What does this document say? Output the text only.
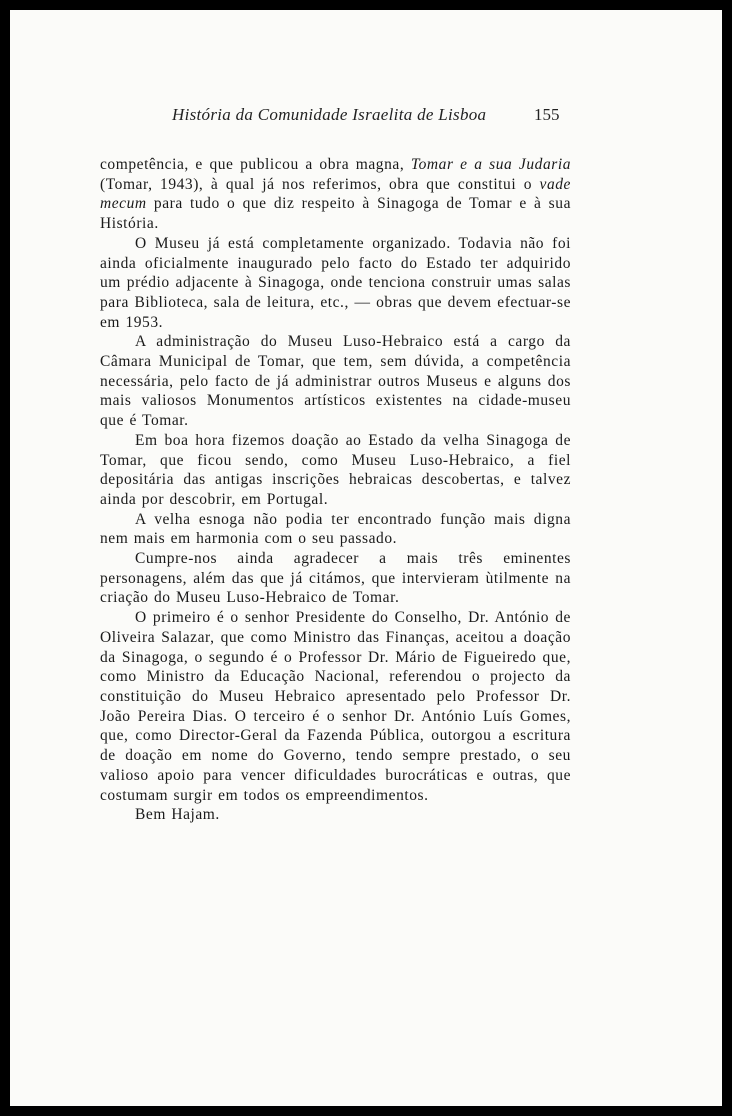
História da Comunidade Israelita de Lisboa	155

competência, e que publicou a obra magna, Tomar e a sua Judaria (Tomar, 1943), à qual já nos referimos, obra que constitui o vade mecum para tudo o que diz respeito à Sinagoga de Tomar e à sua História.

O Museu já está completamente organizado. Todavia não foi ainda oficialmente inaugurado pelo facto do Estado ter adquirido um prédio adjacente à Sinagoga, onde tenciona construir umas salas para Biblioteca, sala de leitura, etc., — obras que devem efectuar-se em 1953.

A administração do Museu Luso-Hebraico está a cargo da Câmara Municipal de Tomar, que tem, sem dúvida, a competência necessária, pelo facto de já administrar outros Museus e alguns dos mais valiosos Monumentos artísticos existentes na cidade-museu que é Tomar.

Em boa hora fizemos doação ao Estado da velha Sinagoga de Tomar, que ficou sendo, como Museu Luso-Hebraico, a fiel depositária das antigas inscrições hebraicas descobertas, e talvez ainda por descobrir, em Portugal.

A velha esnoga não podia ter encontrado função mais digna nem mais em harmonia com o seu passado.

Cumpre-nos ainda agradecer a mais três eminentes personagens, além das que já citámos, que intervieram ùtilmente na criação do Museu Luso-Hebraico de Tomar.

O primeiro é o senhor Presidente do Conselho, Dr. António de Oliveira Salazar, que como Ministro das Finanças, aceitou a doação da Sinagoga, o segundo é o Professor Dr. Mário de Figueiredo que, como Ministro da Educação Nacional, referendou o projecto da constituição do Museu Hebraico apresentado pelo Professor Dr. João Pereira Dias. O terceiro é o senhor Dr. António Luís Gomes, que, como Director-Geral da Fazenda Pública, outorgou a escritura de doação em nome do Governo, tendo sempre prestado, o seu valioso apoio para vencer dificuldades burocráticas e outras, que costumam surgir em todos os empreendimentos.

Bem Hajam.
